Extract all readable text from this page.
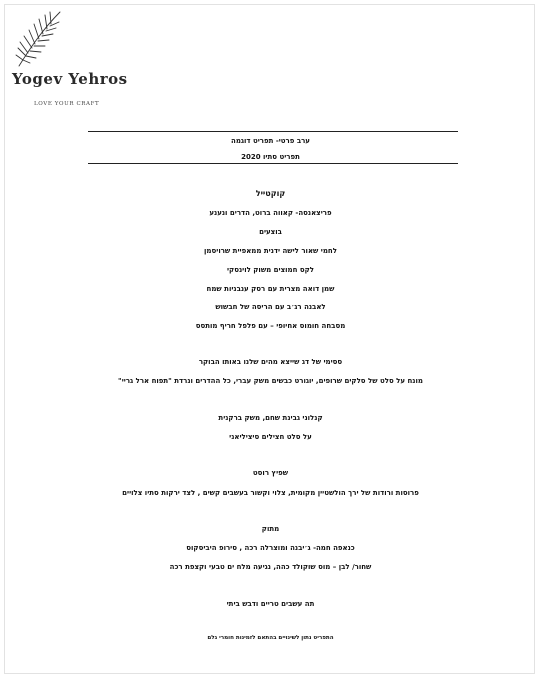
Yogev Yehros
LOVE YOUR CRAFT
ערב פרטי- תפריט דוגמה
תפריט סתיו 2020
קוקטייל
פריצאנסה- קאווה ברוט, הדרים ונענע
בוצעים
לחמי שאור לישה ידנית ממאפיית שרויסמן
לקס חמוצים משוק לוינסקי
שמן דואה מצרית עם רסק ענבניות שמח
לאבנה רג׳ב עם הריסה של חבשוש
מסבחה חומוס אחיופי – עם פלפל חריף מותסס
ססימי של דג שייצא מהים שלנו באותו הבוקר
מונח על סלט של סלקים שרופים, יוגורט כבשים משק עברי, כל ההדרים ונרדת "תפוח ארל גריי"
קנלוני גבינת שחם, משק ברקנית
על סלט חצילים סיציליאני
שפיץ רוסט
פרוסות ורודות של ירך הולשטיין מקומית, צלוי וקשור בעשבים קשים , לצד ירקות סתיו צלויים
מתוק
כנאפה חמה- ג׳יבנה ומוצרלה רכה , סירופ היביסקוס
שחור/ לבן – מוס שוקולד כהה, נגיעה מלח ים טבעי וקצפת רכה
תה עשבים טריים ודבש ביתי
התפריט נתון לשינויים בהתאם לזמינות חומרי גלם
